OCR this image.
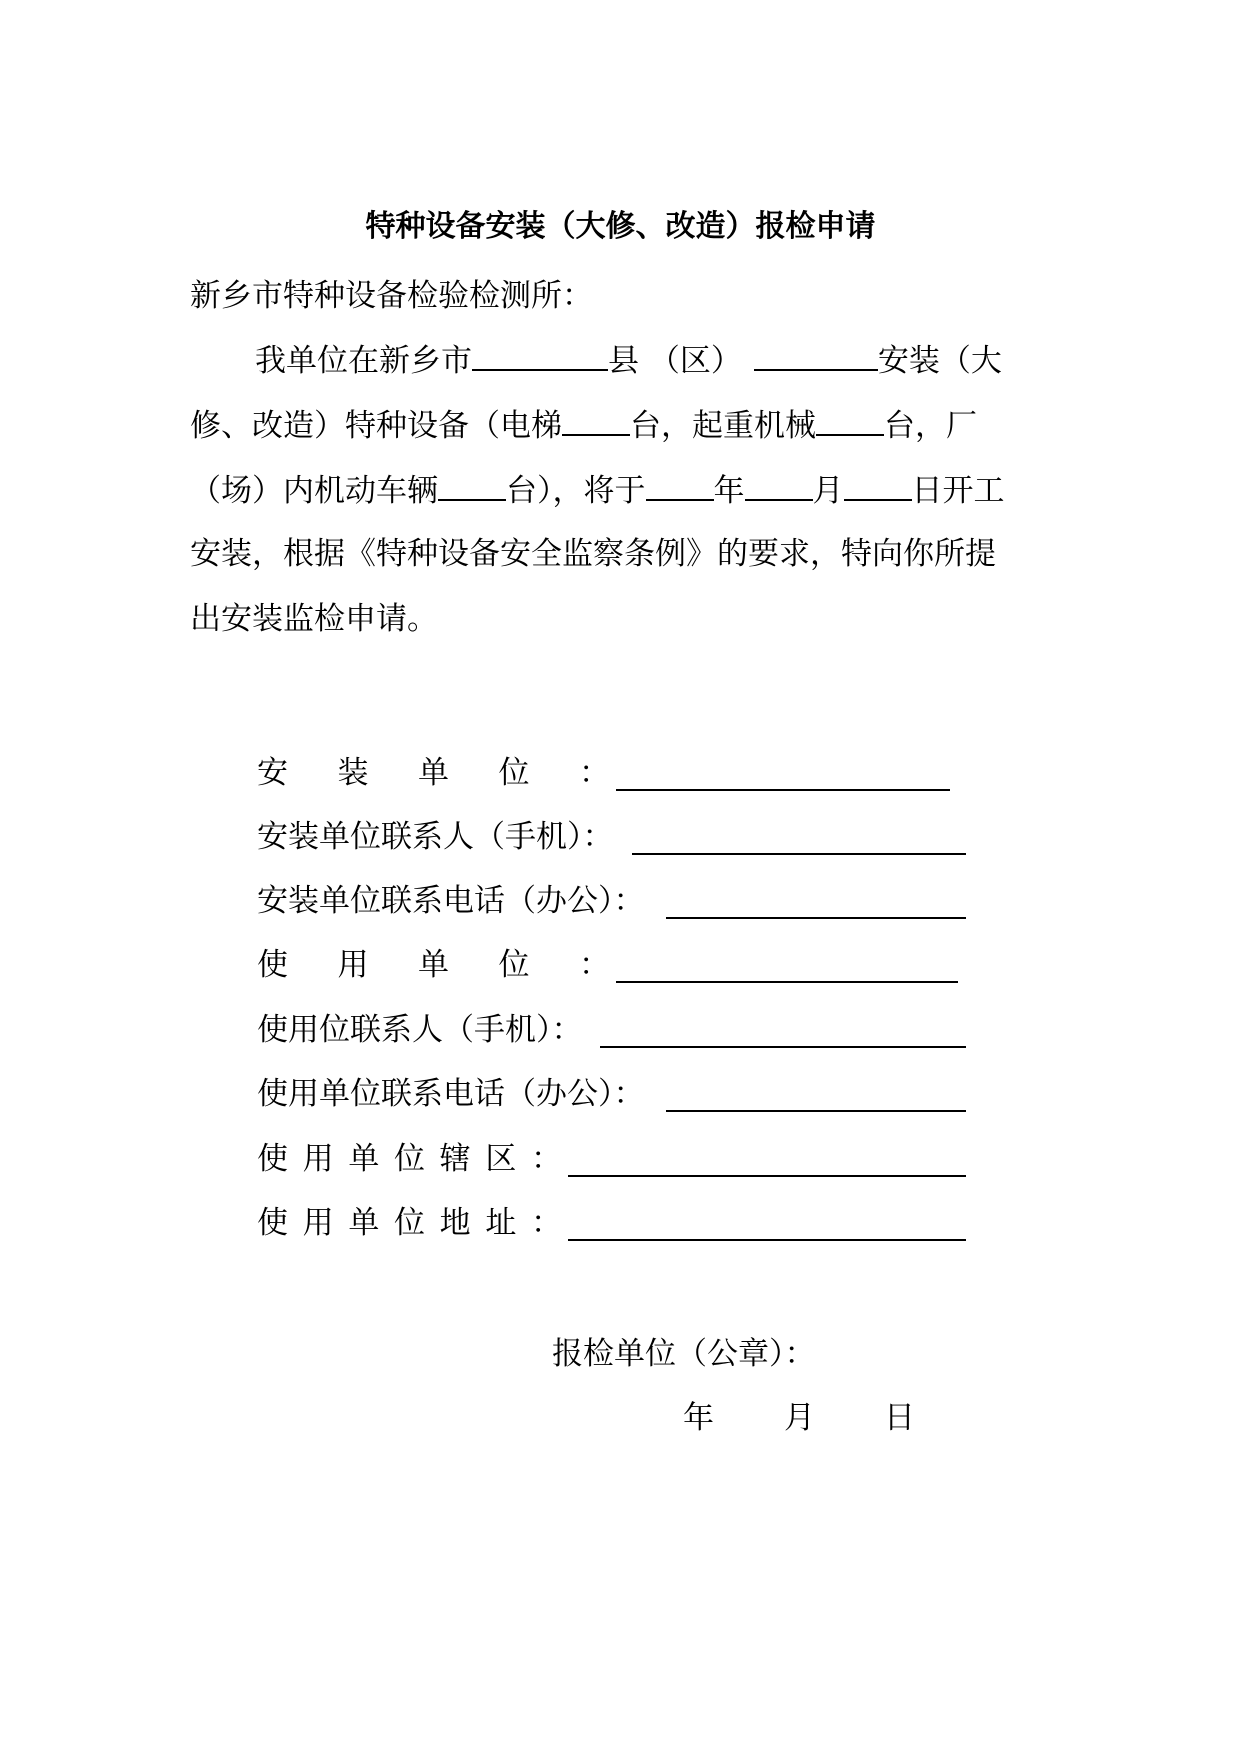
特种设备安装（大修、改造）报检申请
新乡市特种设备检验检测所：
我单位在新乡市	县 （区）	安装（大
修、改造）特种设备（电梯 台，起重机械 台，厂
（场）内机动车辆 台），将于 年 月 日开工
安装，根据《特种设备安全监察条例》的要求，特向你所提
出安装监检申请。
安装单位：
安装单位联系人（手机）：
安装单位联系电话（办公）：
使用单位：
使用位联系人（手机）：
使用单位联系电话（办公）：
使用单位辖区：
使用单位地址：
报检单位（公章）：
年 月 日
